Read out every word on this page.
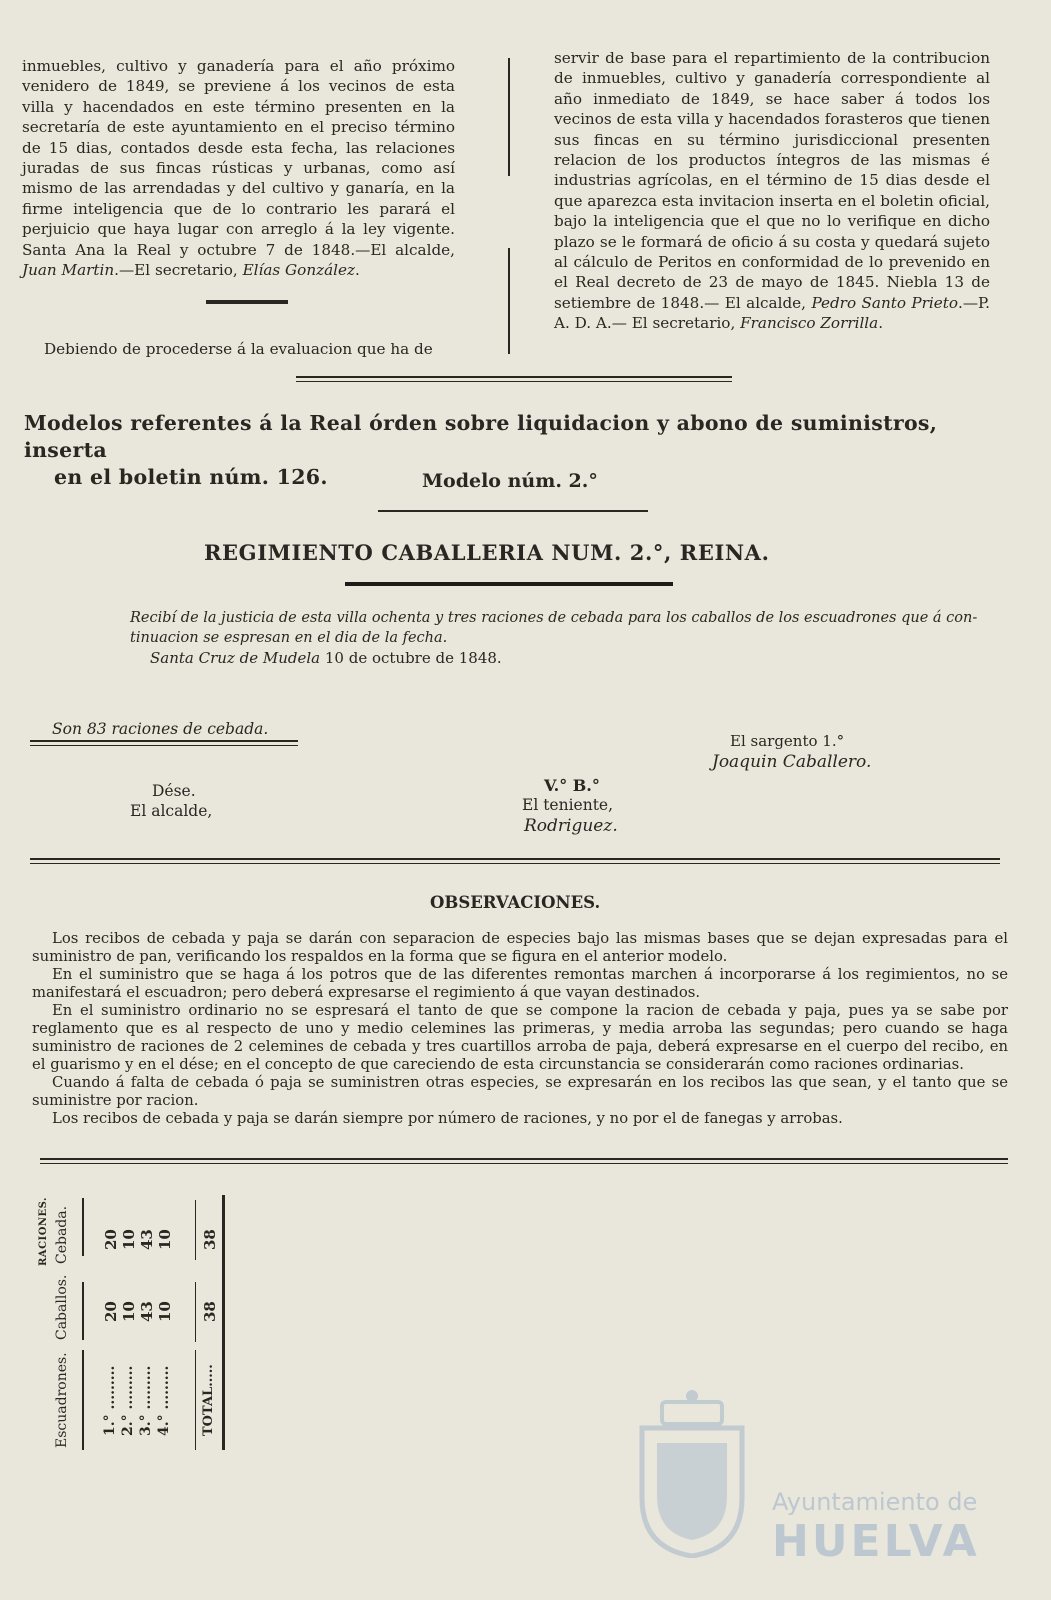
inmuebles, cultivo y ganadería para el año próximo venidero de 1849, se previene á los vecinos de esta villa y hacendados en este término presenten en la secretaría de este ayuntamiento en el preciso término de 15 dias, contados desde esta fecha, las relaciones juradas de sus fincas rústicas y urbanas, como así mismo de las arrendadas y del cultivo y ganaría, en la firme inteligencia que de lo contrario les parará el perjuicio que haya lugar con arreglo á la ley vigente. Santa Ana la Real y octubre 7 de 1848.—El alcalde, Juan Martin.—El secretario, Elías González.

Debiendo de procederse á la evaluacion que ha de

servir de base para el repartimiento de la contribucion de inmuebles, cultivo y ganadería correspondiente al año inmediato de 1849, se hace saber á todos los vecinos de esta villa y hacendados forasteros que tienen sus fincas en su término jurisdiccional presenten relacion de los productos íntegros de las mismas é industrias agrícolas, en el término de 15 dias desde el que aparezca esta invitacion inserta en el boletin oficial, bajo la inteligencia que el que no lo verifique en dicho plazo se le formará de oficio á su costa y quedará sujeto al cálculo de Peritos en conformidad de lo prevenido en el Real decreto de 23 de mayo de 1845. Niebla 13 de setiembre de 1848.— El alcalde, Pedro Santo Prieto.—P. A. D. A.— El secretario, Francisco Zorrilla.

Modelos referentes á la Real órden sobre liquidacion y abono de suministros, inserta
en el boletin núm. 126.	Modelo núm. 2.°
REGIMIENTO CABALLERIA NUM. 2.°, REINA.
Recibí de la justicia de esta villa ochenta y tres raciones de cebada para los caballos de los escuadrones que á con-
tinuacion se espresan en el dia de la fecha.
Santa Cruz de Mudela 10 de octubre de 1848.
Son 83 raciones de cebada.
El sargento 1.°
Joaquin Caballero.
V.° B.°
El teniente,
Rodriguez.
Dése.
El alcalde,
OBSERVACIONES.

Los recibos de cebada y paja se darán con separacion de especies bajo las mismas bases que se dejan expresadas para el suministro de pan, verificando los respaldos en la forma que se figura en el anterior modelo.

En el suministro que se haga á los potros que de las diferentes remontas marchen á incorporarse á los regimientos, no se manifestará el escuadron; pero deberá expresarse el regimiento á que vayan destinados.

En el suministro ordinario no se espresará el tanto de que se compone la racion de cebada y paja, pues ya se sabe por reglamento que es al respecto de uno y medio celemines las primeras, y media arroba las segundas; pero cuando se haga suministro de raciones de 2 celemines de cebada y tres cuartillos arroba de paja, deberá expresarse en el cuerpo del recibo, en el guarismo y en el dése; en el concepto de que careciendo de esta circunstancia se considerarán como raciones ordinarias.

Cuando á falta de cebada ó paja se suministren otras especies, se expresarán en los recibos las que sean, y el tanto que se suministre por racion.

Los recibos de cebada y paja se darán siempre por número de raciones, y no por el de fanegas y arrobas.

RACIONES. Cebada.
Caballos.
Escuadrones.
20 10 43 10 38
20 10 43 10 38
1.° ......... 2.° ......... 3.° ......... 4.° ......... TOTAL.....
Ayuntamiento de
HUELVA
